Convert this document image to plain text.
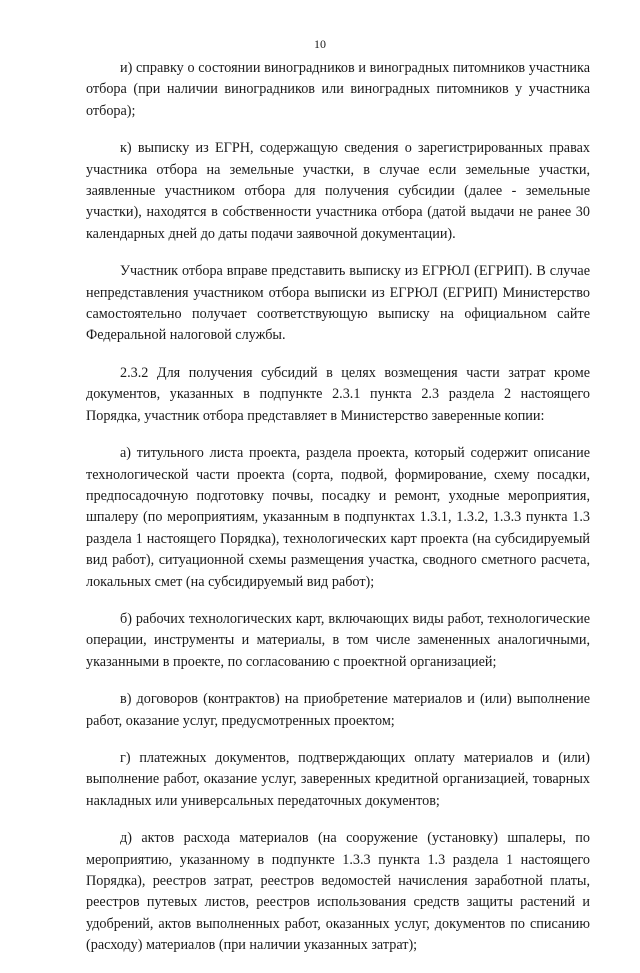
10

и) справку о состоянии виноградников и виноградных питомников участника отбора (при наличии виноградников или виноградных питомников у участника отбора);

к) выписку из ЕГРН, содержащую сведения о зарегистрированных правах участника отбора на земельные участки, в случае если земельные участки, заявленные участником отбора для получения субсидии (далее - земельные участки), находятся в собственности участника отбора (датой выдачи не ранее 30 календарных дней до даты подачи заявочной документации).

Участник отбора вправе представить выписку из ЕГРЮЛ (ЕГРИП). В случае непредставления участником отбора выписки из ЕГРЮЛ (ЕГРИП) Министерство самостоятельно получает соответствующую выписку на официальном сайте Федеральной налоговой службы.

2.3.2 Для получения субсидий в целях возмещения части затрат кроме документов, указанных в подпункте 2.3.1 пункта 2.3 раздела 2 настоящего Порядка, участник отбора представляет в Министерство заверенные копии:

а) титульного листа проекта, раздела проекта, который содержит описание технологической части проекта (сорта, подвой, формирование, схему посадки, предпосадочную подготовку почвы, посадку и ремонт, уходные мероприятия, шпалеру (по мероприятиям, указанным в подпунктах 1.3.1, 1.3.2, 1.3.3 пункта 1.3 раздела 1 настоящего Порядка), технологических карт проекта (на субсидируемый вид работ), ситуационной схемы размещения участка, сводного сметного расчета, локальных смет (на субсидируемый вид работ);

б) рабочих технологических карт, включающих виды работ, технологические операции, инструменты и материалы, в том числе замененных аналогичными, указанными в проекте, по согласованию с проектной организацией;

в) договоров (контрактов) на приобретение материалов и (или) выполнение работ, оказание услуг, предусмотренных проектом;

г) платежных документов, подтверждающих оплату материалов и (или) выполнение работ, оказание услуг, заверенных кредитной организацией, товарных накладных или универсальных передаточных документов;

д) актов расхода материалов (на сооружение (установку) шпалеры, по мероприятию, указанному в подпункте 1.3.3 пункта 1.3 раздела 1 настоящего Порядка), реестров затрат, реестров ведомостей начисления заработной платы, реестров путевых листов, реестров использования средств защиты растений и удобрений, актов выполненных работ, оказанных услуг, документов по списанию (расходу) материалов (при наличии указанных затрат);
